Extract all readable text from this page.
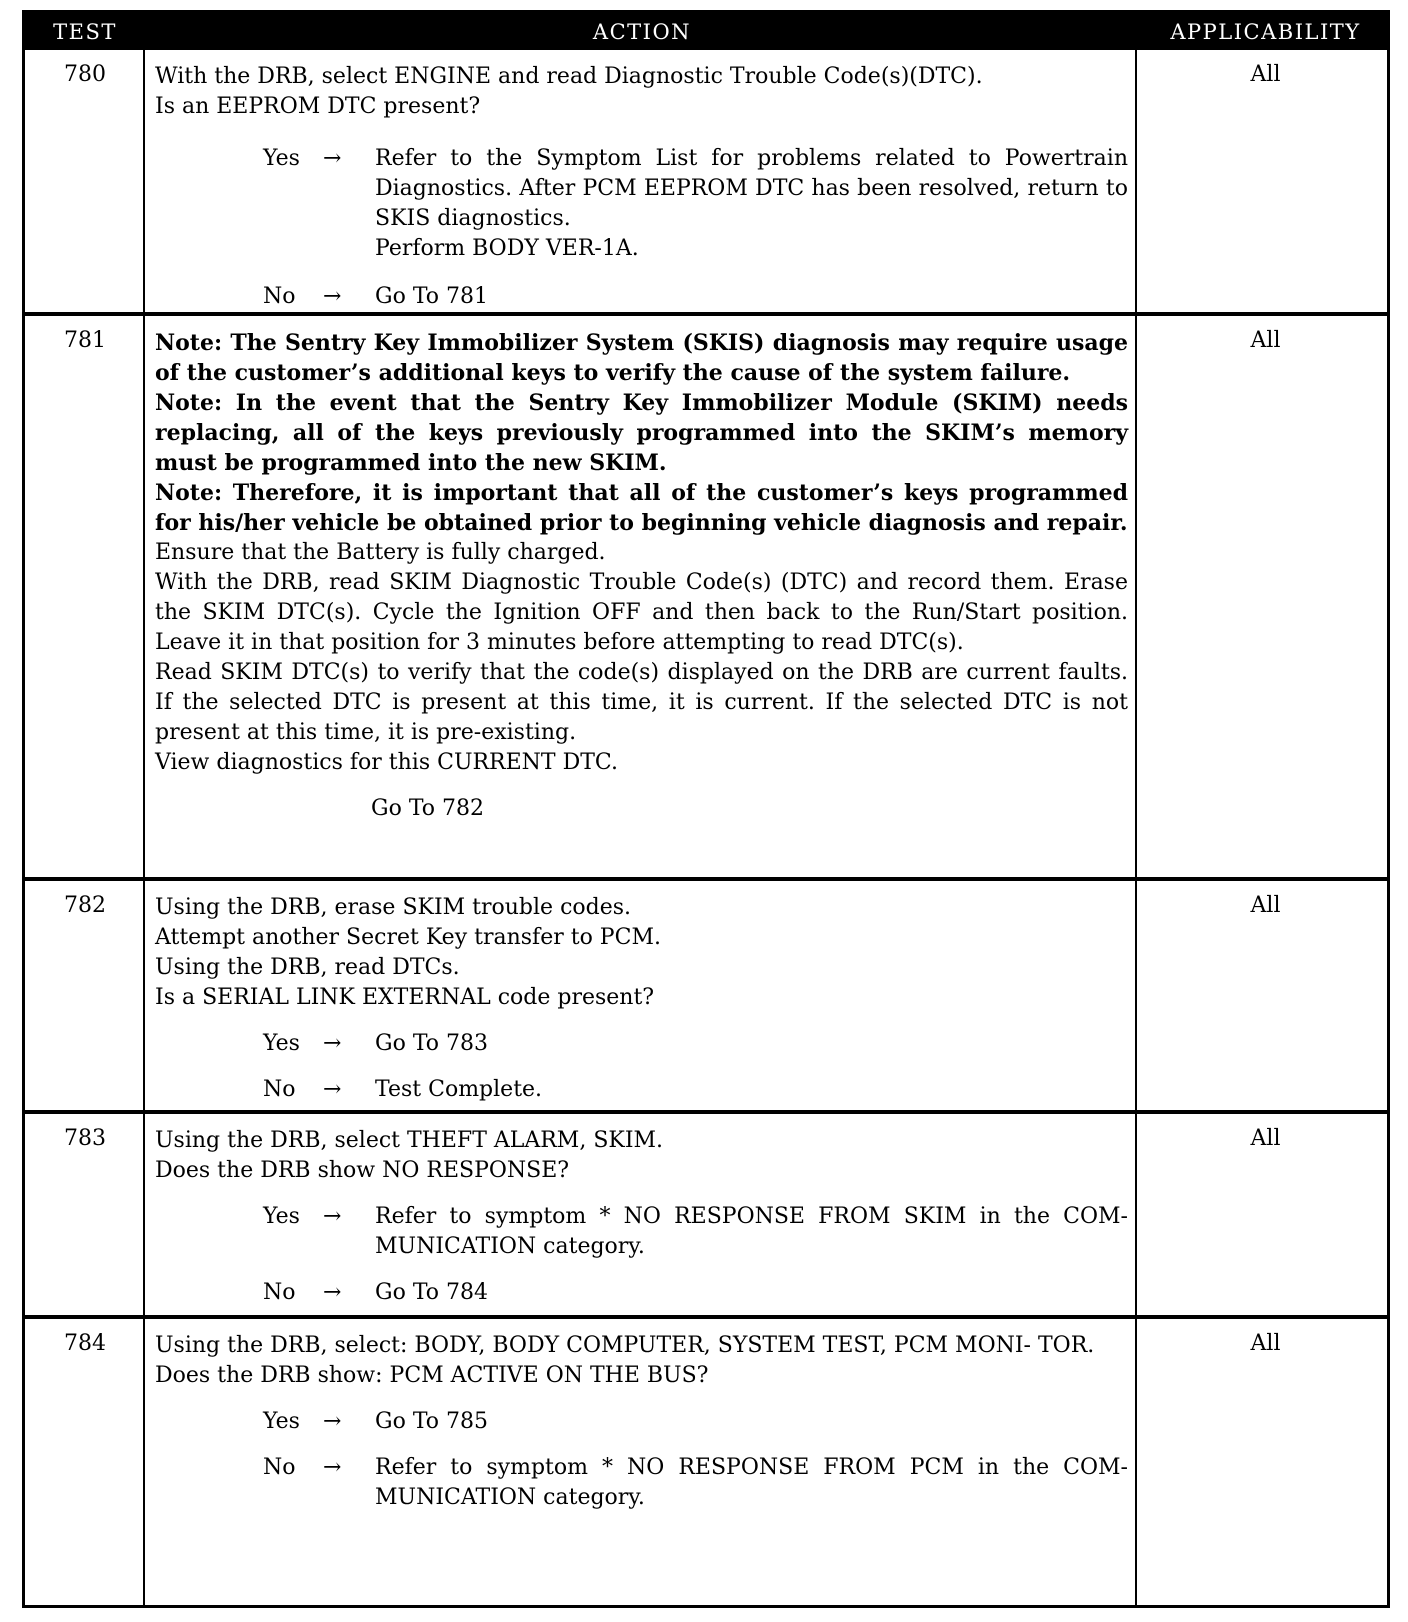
TEST	ACTION	APPLICABILITY
780	With the DRB, select ENGINE and read Diagnostic Trouble Code(s)(DTC).
Is an EEPROM DTC present?
Yes	→	Refer to the Symptom List for problems related to Powertrain Diagnostics. After PCM EEPROM DTC has been resolved, return to SKIS diagnostics.
Perform BODY VER-1A.
No	→	Go To 781
All
781	Note: The Sentry Key Immobilizer System (SKIS) diagnosis may require usage of the customer’s additional keys to verify the cause of the system failure.
Note: In the event that the Sentry Key Immobilizer Module (SKIM) needs replacing, all of the keys previously programmed into the SKIM’s memory must be programmed into the new SKIM.
Note: Therefore, it is important that all of the customer’s keys programmed for his/her vehicle be obtained prior to beginning vehicle diagnosis and repair.
Ensure that the Battery is fully charged.
With the DRB, read SKIM Diagnostic Trouble Code(s) (DTC) and record them. Erase the SKIM DTC(s). Cycle the Ignition OFF and then back to the Run/Start position. Leave it in that position for 3 minutes before attempting to read DTC(s).
Read SKIM DTC(s) to verify that the code(s) displayed on the DRB are current faults. If the selected DTC is present at this time, it is current. If the selected DTC is not present at this time, it is pre-existing.
View diagnostics for this CURRENT DTC.
Go To 782
All
782	Using the DRB, erase SKIM trouble codes.
Attempt another Secret Key transfer to PCM.
Using the DRB, read DTCs.
Is a SERIAL LINK EXTERNAL code present?
Yes	→	Go To 783
No	→	Test Complete.
All
783	Using the DRB, select THEFT ALARM, SKIM.
Does the DRB show NO RESPONSE?
Yes	→	Refer to symptom * NO RESPONSE FROM SKIM in the COM- MUNICATION category.
No	→	Go To 784
All
784	Using the DRB, select: BODY, BODY COMPUTER, SYSTEM TEST, PCM MONI- TOR.
Does the DRB show: PCM ACTIVE ON THE BUS?
Yes	→	Go To 785
No	→	Refer to symptom * NO RESPONSE FROM PCM in the COM- MUNICATION category.
All
